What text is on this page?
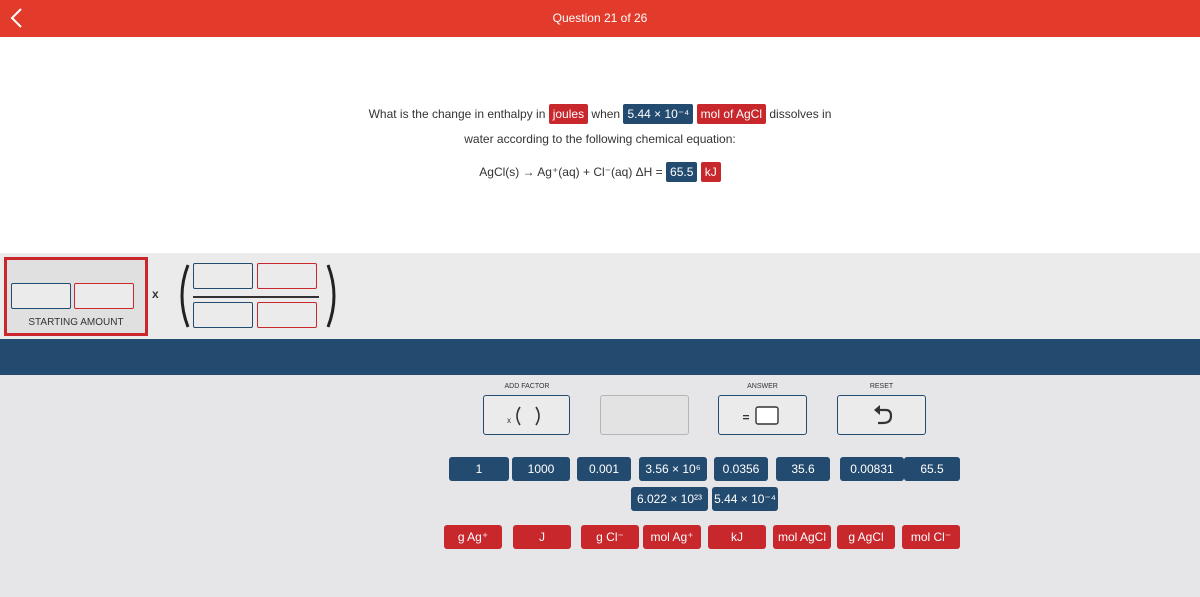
Question 21 of 26
What is the change in enthalpy in joules when 5.44 × 10⁻⁴ mol of AgCl dissolves in
water according to the following chemical equation:
AgCl(s) → Ag⁺(aq) + Cl⁻(aq) ΔH = 65.5 kJ
STARTING AMOUNT
x
ADD FACTOR
x
ANSWER	RESET
1	1000	0.001	3.56 × 10⁶	0.0356	35.6	0.00831	65.5
6.022 × 10²³	5.44 × 10⁻⁴
g Ag⁺	J	g Cl⁻	mol Ag⁺	kJ	mol AgCl	g AgCl	mol Cl⁻
